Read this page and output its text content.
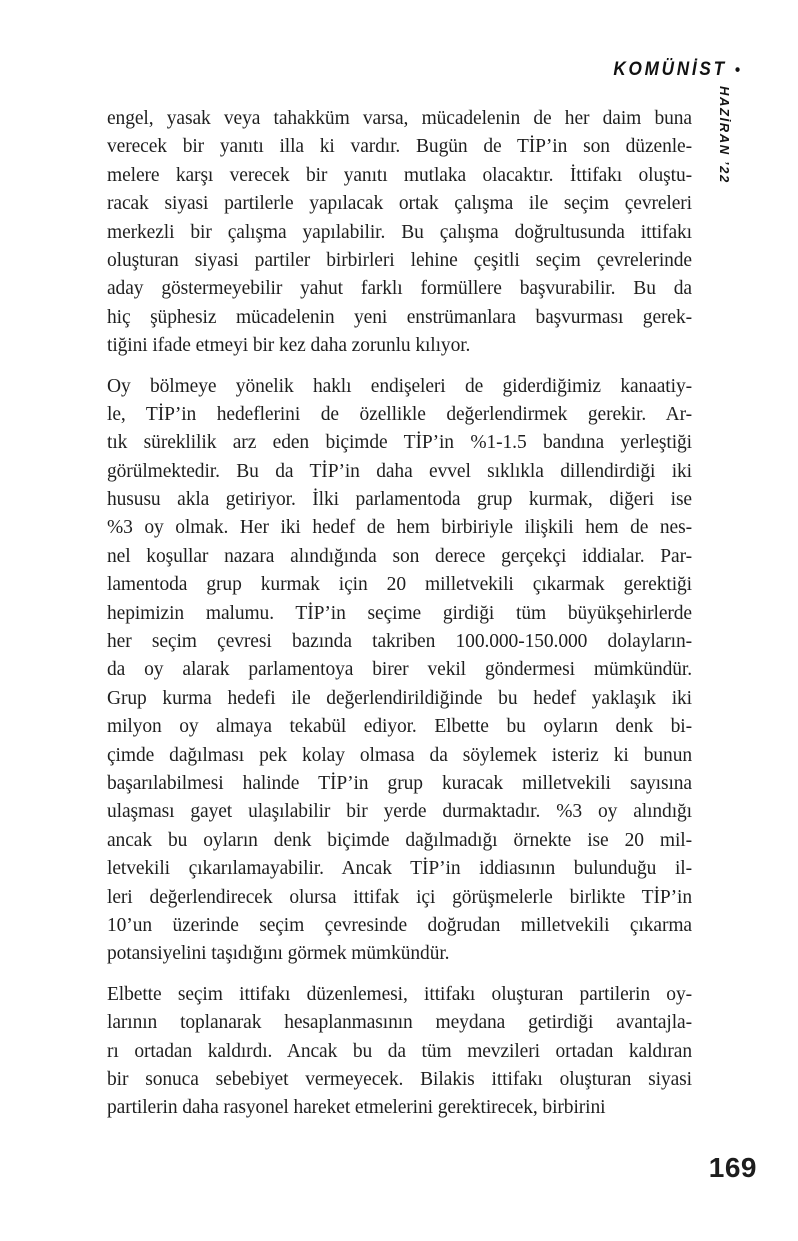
KOMÜNİST •
HAZİRAN ’22
engel, yasak veya tahakküm varsa, mücadelenin de her daim buna
verecek bir yanıtı illa ki vardır. Bugün de TİP’in son düzenle-
melere karşı verecek bir yanıtı mutlaka olacaktır. İttifakı oluştu-
racak siyasi partilerle yapılacak ortak çalışma ile seçim çevreleri
merkezli bir çalışma yapılabilir. Bu çalışma doğrultusunda ittifakı
oluşturan siyasi partiler birbirleri lehine çeşitli seçim çevrelerinde
aday göstermeyebilir yahut farklı formüllere başvurabilir. Bu da
hiç şüphesiz mücadelenin yeni enstrümanlara başvurması gerek-
tiğini ifade etmeyi bir kez daha zorunlu kılıyor.
Oy bölmeye yönelik haklı endişeleri de giderdiğimiz kanaatiy-
le, TİP’in hedeflerini de özellikle değerlendirmek gerekir. Ar-
tık süreklilik arz eden biçimde TİP’in %1-1.5 bandına yerleştiği
görülmektedir. Bu da TİP’in daha evvel sıklıkla dillendirdiği iki
hususu akla getiriyor. İlki parlamentoda grup kurmak, diğeri ise
%3 oy olmak. Her iki hedef de hem birbiriyle ilişkili hem de nes-
nel koşullar nazara alındığında son derece gerçekçi iddialar. Par-
lamentoda grup kurmak için 20 milletvekili çıkarmak gerektiği
hepimizin malumu. TİP’in seçime girdiği tüm büyükşehirlerde
her seçim çevresi bazında takriben 100.000-150.000 dolayların-
da oy alarak parlamentoya birer vekil göndermesi mümkündür.
Grup kurma hedefi ile değerlendirildiğinde bu hedef yaklaşık iki
milyon oy almaya tekabül ediyor. Elbette bu oyların denk bi-
çimde dağılması pek kolay olmasa da söylemek isteriz ki bunun
başarılabilmesi halinde TİP’in grup kuracak milletvekili sayısına
ulaşması gayet ulaşılabilir bir yerde durmaktadır. %3 oy alındığı
ancak bu oyların denk biçimde dağılmadığı örnekte ise 20 mil-
letvekili çıkarılamayabilir. Ancak TİP’in iddiasının bulunduğu il-
leri değerlendirecek olursa ittifak içi görüşmelerle birlikte TİP’in
10’un üzerinde seçim çevresinde doğrudan milletvekili çıkarma
potansiyelini taşıdığını görmek mümkündür.
Elbette seçim ittifakı düzenlemesi, ittifakı oluşturan partilerin oy-
larının toplanarak hesaplanmasının meydana getirdiği avantajla-
rı ortadan kaldırdı. Ancak bu da tüm mevzileri ortadan kaldıran
bir sonuca sebebiyet vermeyecek. Bilakis ittifakı oluşturan siyasi
partilerin daha rasyonel hareket etmelerini gerektirecek, birbirini
169
